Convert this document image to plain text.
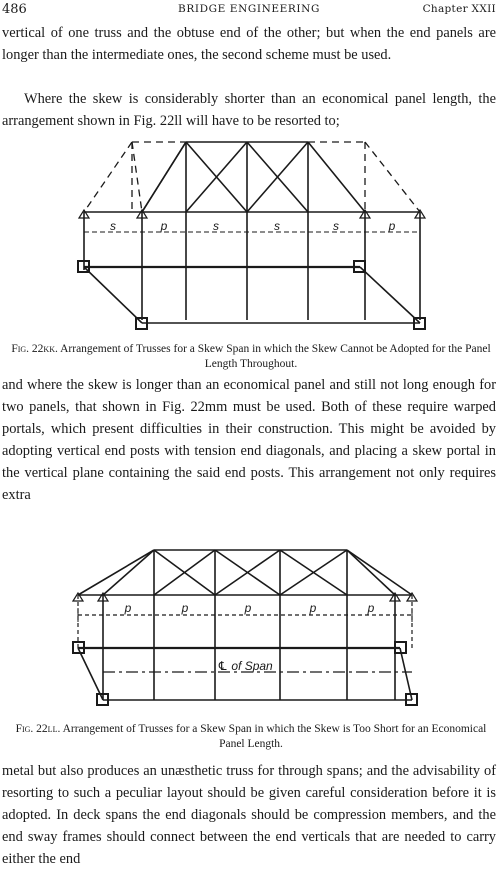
486	BRIDGE ENGINEERING	Chapter XXII

vertical of one truss and the obtuse end of the other; but when the end panels are longer than the intermediate ones, the second scheme must be used.

Where the skew is considerably shorter than an economical panel length, the arrangement shown in Fig. 22ll will have to be resorted to;

s	p	s	s	s	p
Fig. 22kk. Arrangement of Trusses for a Skew Span in which the Skew Cannot be Adopted for the Panel Length Throughout.

and where the skew is longer than an economical panel and still not long enough for two panels, that shown in Fig. 22mm must be used. Both of these require warped portals, which present difficulties in their construction. This might be avoided by adopting vertical end posts with tension end diagonals, and placing a skew portal in the vertical plane containing the said end posts. This arrangement not only requires extra

p	p	p	p	p
℄ of Span
Fig. 22ll. Arrangement of Trusses for a Skew Span in which the Skew is Too Short for an Economical Panel Length.

metal but also produces an unæsthetic truss for through spans; and the advisability of resorting to such a peculiar layout should be given careful consideration before it is adopted. In deck spans the end diagonals should be compression members, and the end sway frames should connect between the end verticals that are needed to carry either the end
